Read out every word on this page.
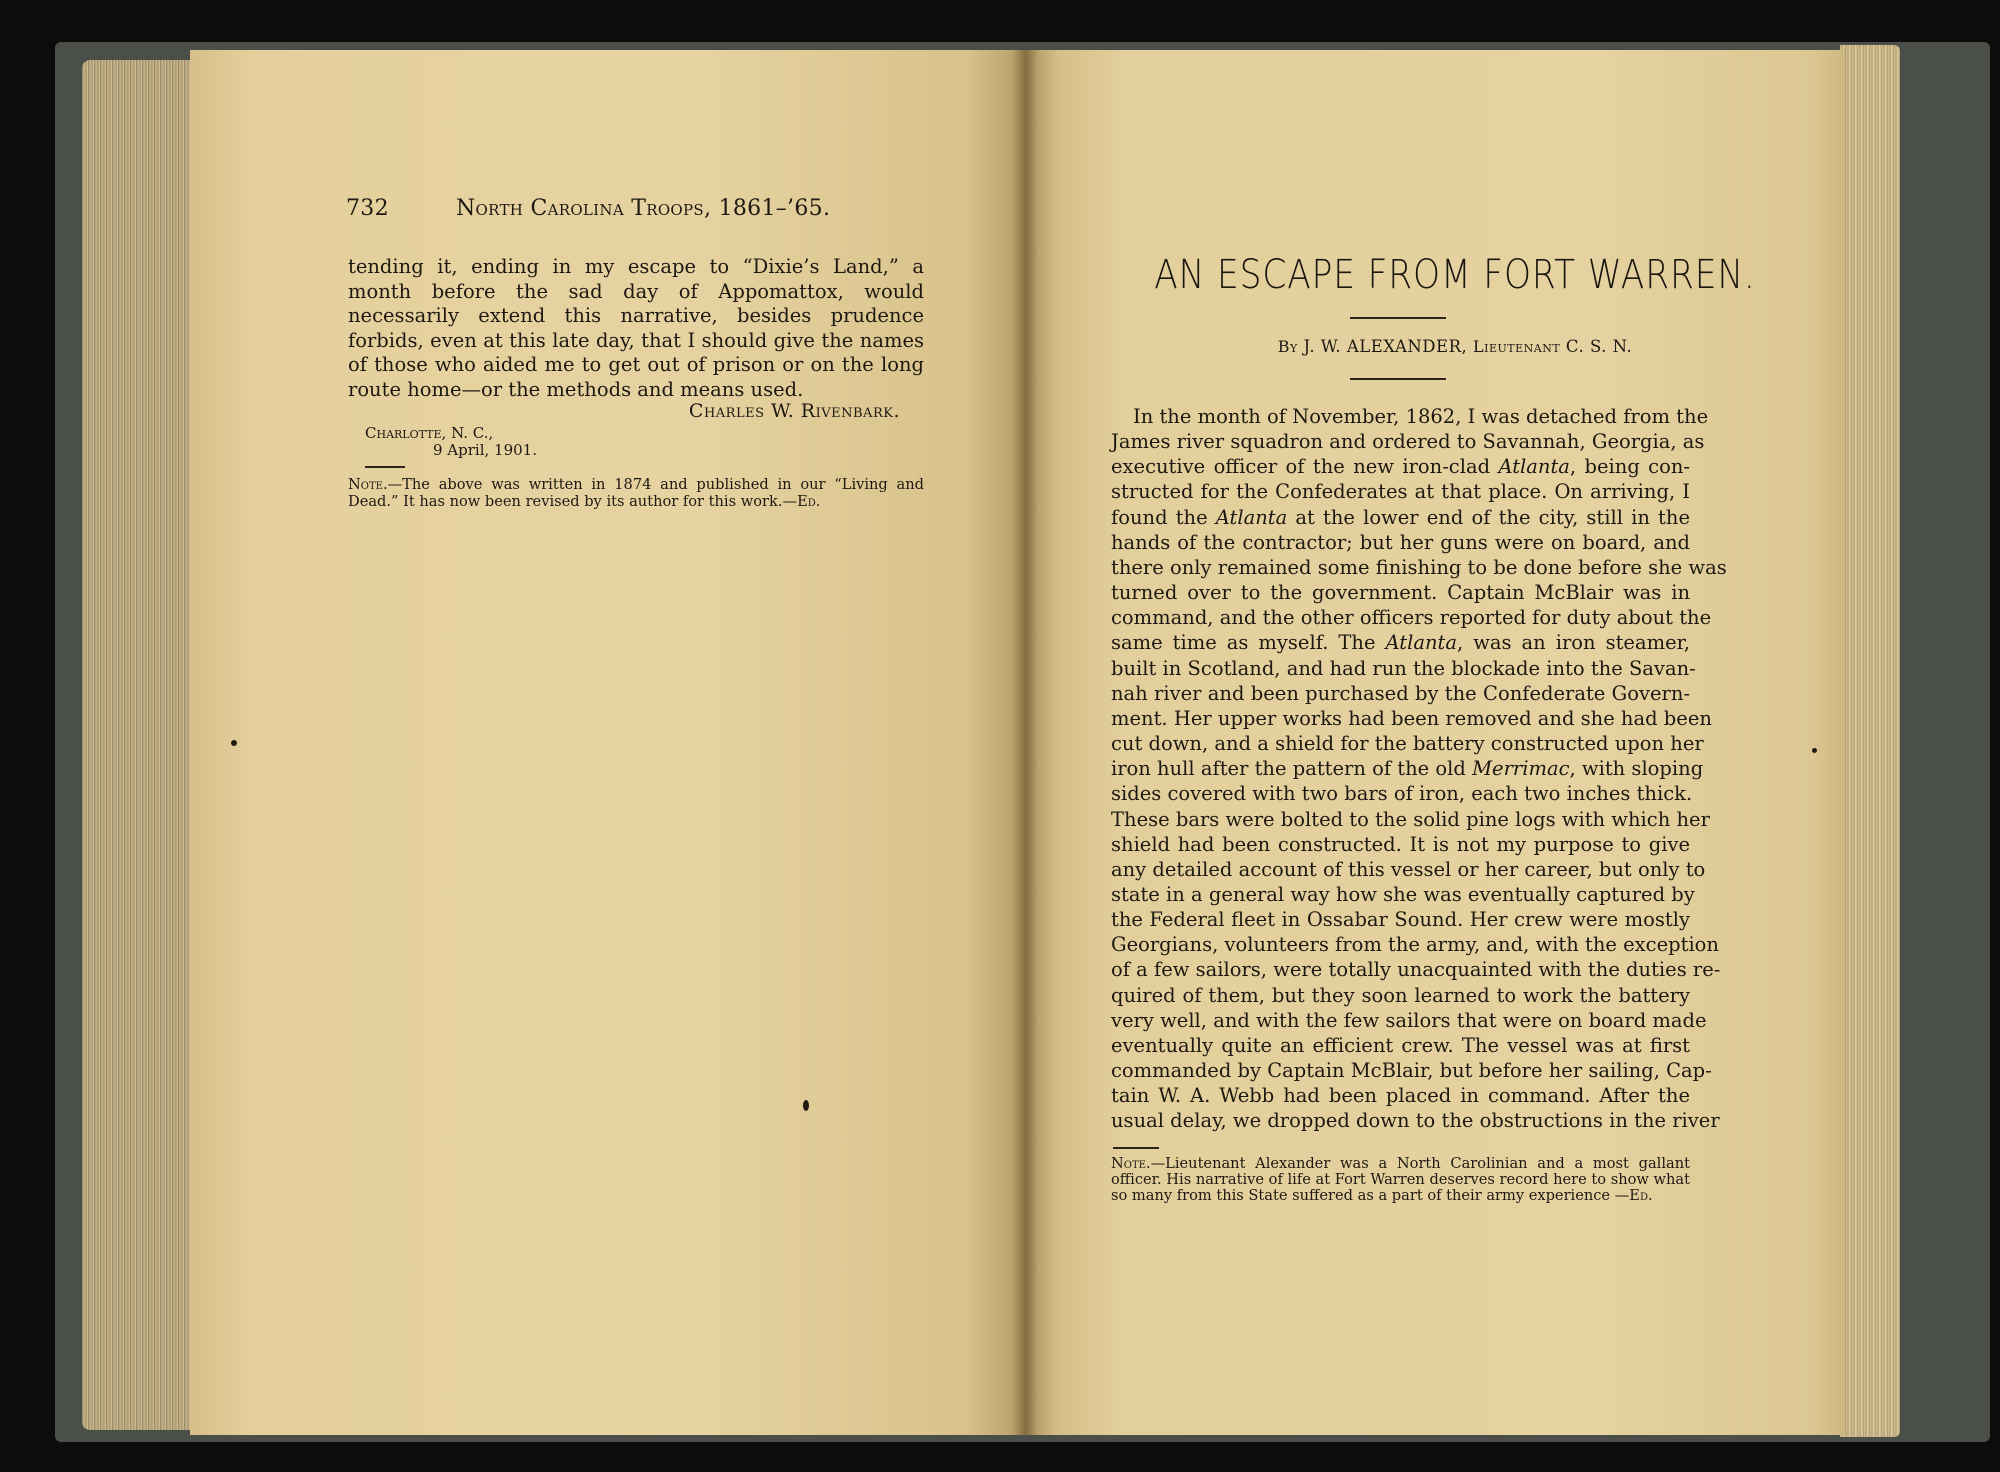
732	North Carolina Troops, 1861–’65.
tending it, ending in my escape to “Dixie’s Land,” a month before the sad day of Appomattox, would necessarily extend this narrative, besides prudence forbids, even at this late day, that I should give the names of those who aided me to get out of prison or on the long route home—or the methods and means used.
Charles W. Rivenbark.
Charlotte, N. C.,
9 April, 1901.
Note.—The above was written in 1874 and published in our “Living and Dead.” It has now been revised by its author for this work.—Ed.
AN ESCAPE FROM FORT WARREN.
By J. W. ALEXANDER, Lieutenant C. S. N.
In the month of November, 1862, I was detached from the
James river squadron and ordered to Savannah, Georgia, as
executive officer of the new iron-clad Atlanta, being con-
structed for the Confederates at that place. On arriving, I
found the Atlanta at the lower end of the city, still in the
hands of the contractor; but her guns were on board, and
there only remained some finishing to be done before she was
turned over to the government. Captain McBlair was in
command, and the other officers reported for duty about the
same time as myself. The Atlanta, was an iron steamer,
built in Scotland, and had run the blockade into the Savan-
nah river and been purchased by the Confederate Govern-
ment. Her upper works had been removed and she had been
cut down, and a shield for the battery constructed upon her
iron hull after the pattern of the old Merrimac, with sloping
sides covered with two bars of iron, each two inches thick.
These bars were bolted to the solid pine logs with which her
shield had been constructed. It is not my purpose to give
any detailed account of this vessel or her career, but only to
state in a general way how she was eventually captured by
the Federal fleet in Ossabar Sound. Her crew were mostly
Georgians, volunteers from the army, and, with the exception
of a few sailors, were totally unacquainted with the duties re-
quired of them, but they soon learned to work the battery
very well, and with the few sailors that were on board made
eventually quite an efficient crew. The vessel was at first
commanded by Captain McBlair, but before her sailing, Cap-
tain W. A. Webb had been placed in command. After the
usual delay, we dropped down to the obstructions in the river
Note.—Lieutenant Alexander was a North Carolinian and a most gallant officer. His narrative of life at Fort Warren deserves record here to show what so many from this State suffered as a part of their army experience —Ed.
